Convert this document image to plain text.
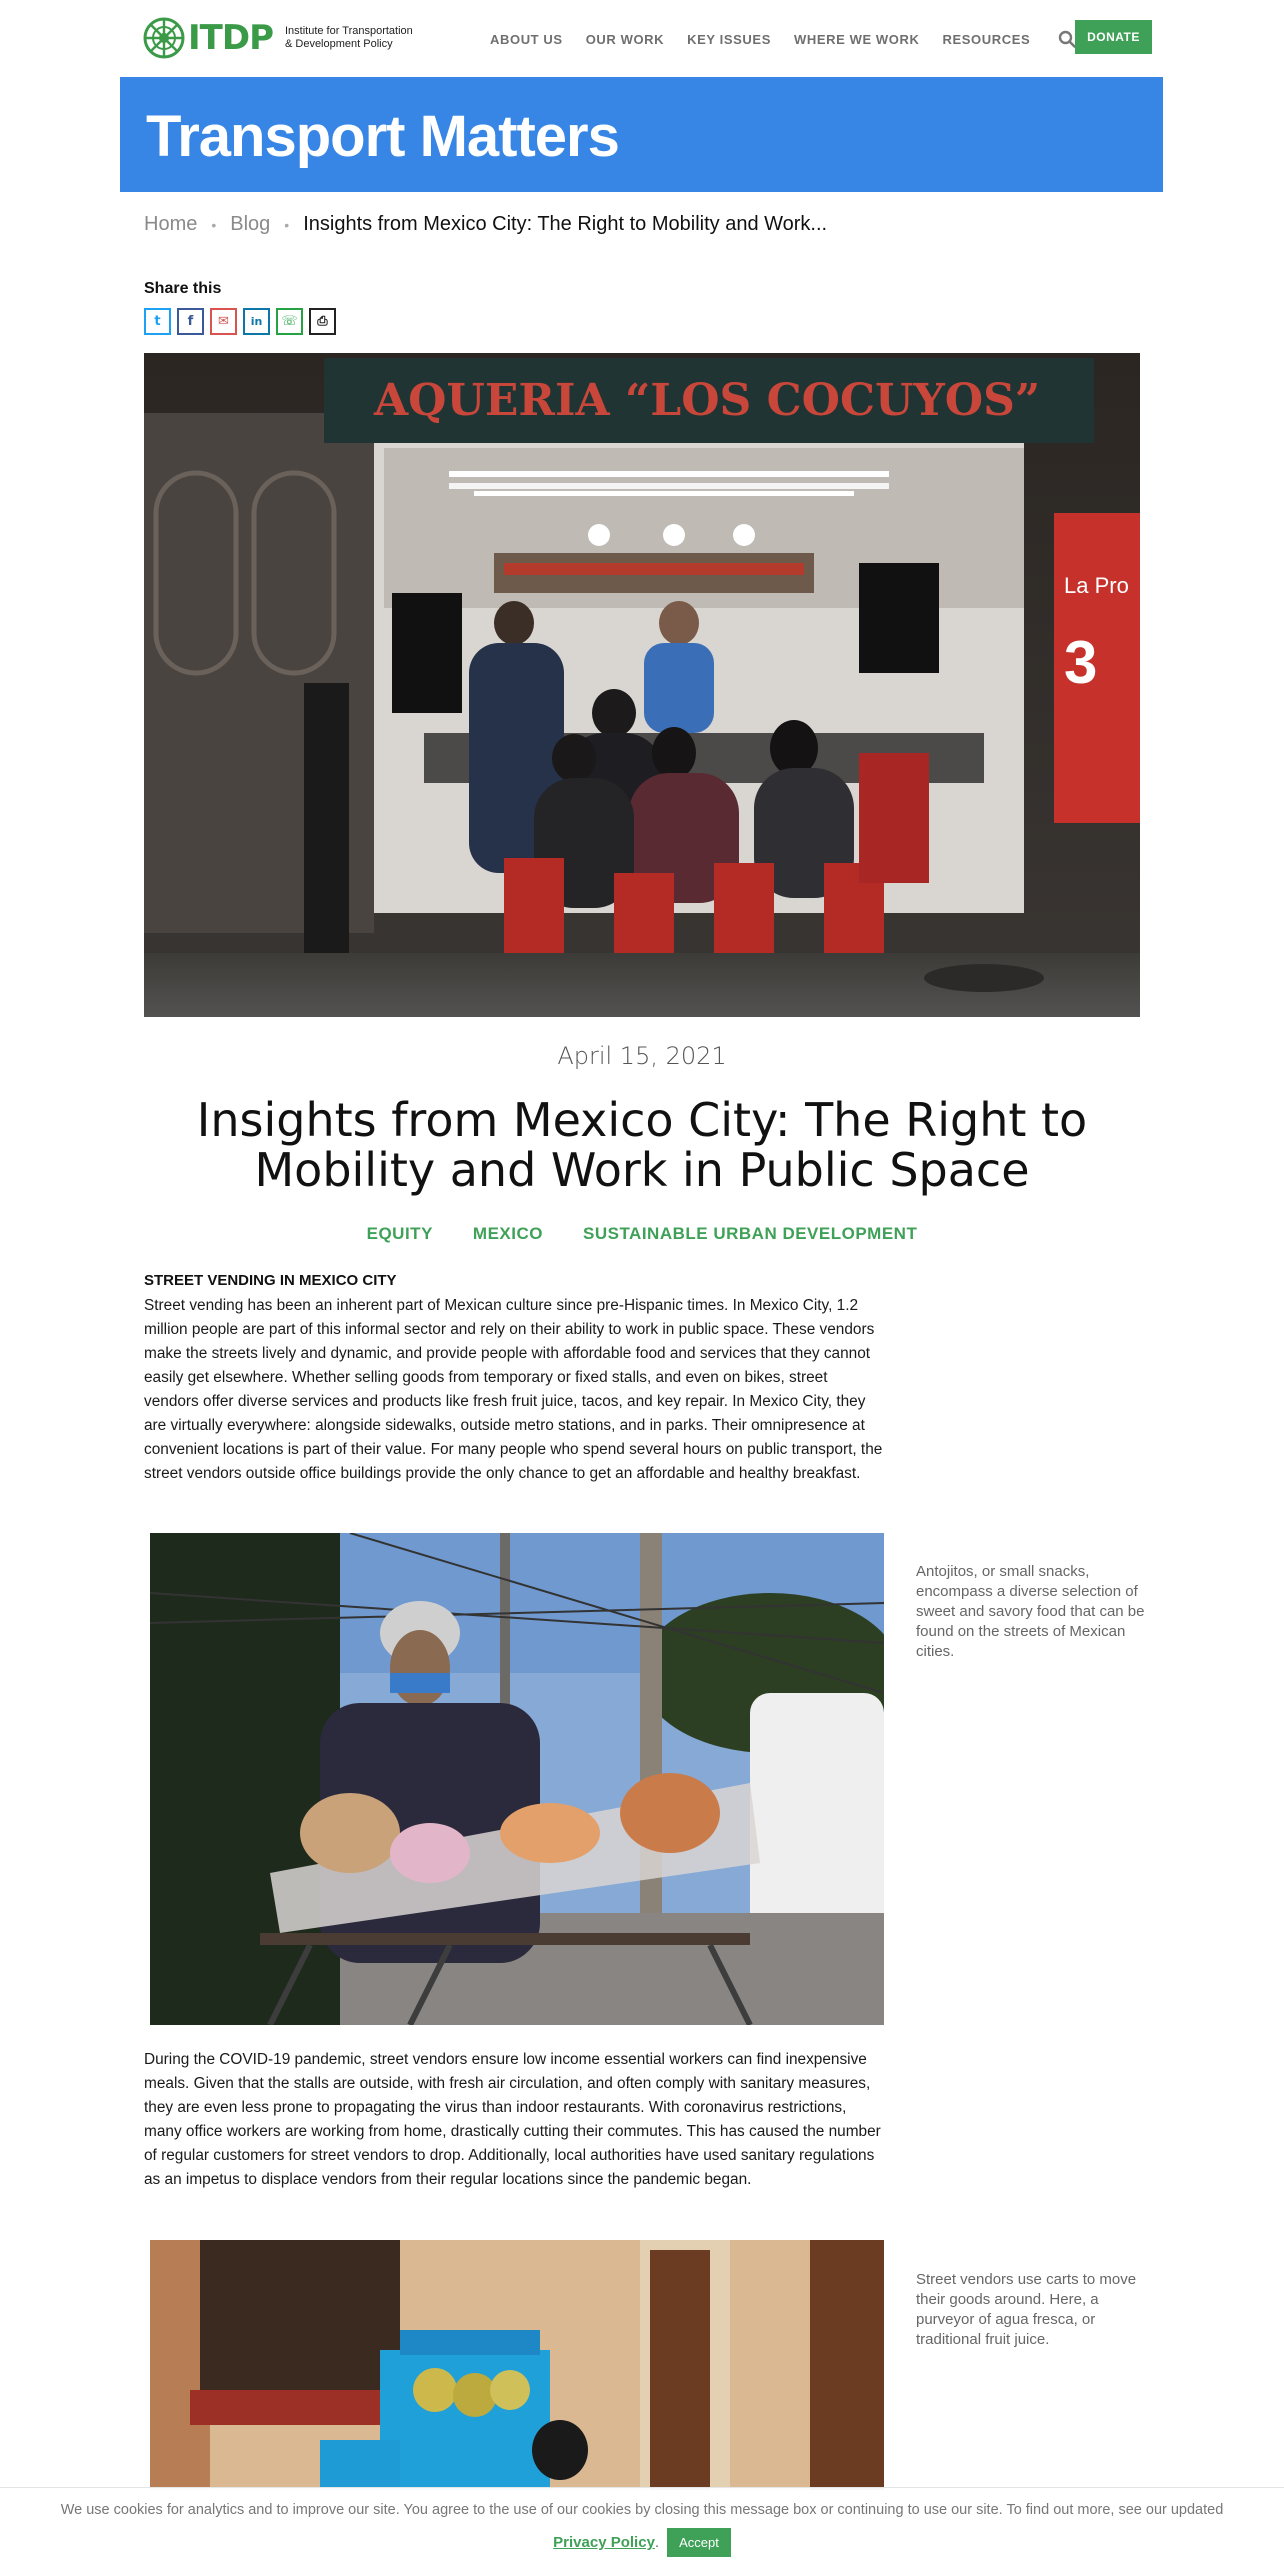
ITDP Institute for Transportation & Development Policy	ABOUT US OUR WORK KEY ISSUES WHERE WE WORK RESOURCES	DONATE
Transport Matters
Home • Blog • Insights from Mexico City: The Right to Mobility and Work...
Share this
t	f	✉	in	☏	⎙
AQUERIA “LOS COCUYOS”
La Pro
3
April 15, 2021
Insights from Mexico City: The Right to Mobility and Work in Public Space
EQUITY MEXICO SUSTAINABLE URBAN DEVELOPMENT
STREET VENDING IN MEXICO CITY

Street vending has been an inherent part of Mexican culture since pre-Hispanic times. In Mexico City, 1.2 million people are part of this informal sector and rely on their ability to work in public space. These vendors make the streets lively and dynamic, and provide people with affordable food and services that they cannot easily get elsewhere. Whether selling goods from temporary or fixed stalls, and even on bikes, street vendors offer diverse services and products like fresh fruit juice, tacos, and key repair. In Mexico City, they are virtually everywhere: alongside sidewalks, outside metro stations, and in parks. Their omnipresence at convenient locations is part of their value. For many people who spend several hours on public transport, the street vendors outside office buildings provide the only chance to get an affordable and healthy breakfast.

Antojitos, or small snacks, encompass a diverse selection of sweet and savory food that can be found on the streets of Mexican cities.

During the COVID-19 pandemic, street vendors ensure low income essential workers can find inexpensive meals. Given that the stalls are outside, with fresh air circulation, and often comply with sanitary measures, they are even less prone to propagating the virus than indoor restaurants. With coronavirus restrictions, many office workers are working from home, drastically cutting their commutes. This has caused the number of regular customers for street vendors to drop. Additionally, local authorities have used sanitary regulations as an impetus to displace vendors from their regular locations since the pandemic began.

Street vendors use carts to move their goods around. Here, a purveyor of agua fresca, or traditional fruit juice.

We use cookies for analytics and to improve our site. You agree to the use of our cookies by closing this message box or continuing to use our site. To find out more, see our updated
Privacy Policy .	Accept
